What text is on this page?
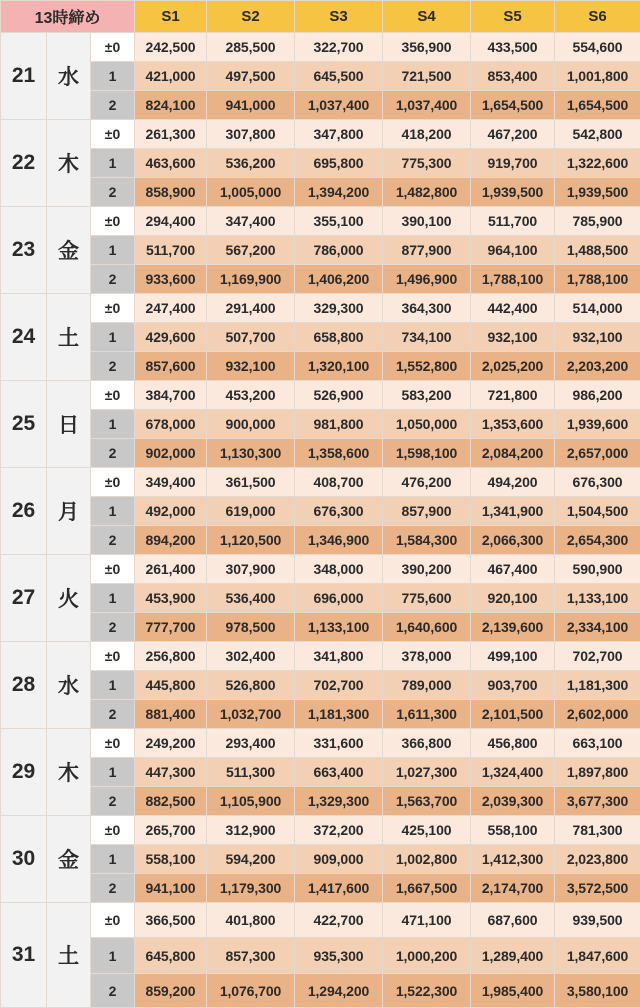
13時締め			S1	S2	S3	S4	S5	S6
21	水	±0	242,500	285,500	322,700	356,900	433,500	554,600
		1	421,000	497,500	645,500	721,500	853,400	1,001,800
		2	824,100	941,000	1,037,400	1,037,400	1,654,500	1,654,500
22	木	±0	261,300	307,800	347,800	418,200	467,200	542,800
		1	463,600	536,200	695,800	775,300	919,700	1,322,600
		2	858,900	1,005,000	1,394,200	1,482,800	1,939,500	1,939,500
23	金	±0	294,400	347,400	355,100	390,100	511,700	785,900
		1	511,700	567,200	786,000	877,900	964,100	1,488,500
		2	933,600	1,169,900	1,406,200	1,496,900	1,788,100	1,788,100
24	土	±0	247,400	291,400	329,300	364,300	442,400	514,000
		1	429,600	507,700	658,800	734,100	932,100	932,100
		2	857,600	932,100	1,320,100	1,552,800	2,025,200	2,203,200
25	日	±0	384,700	453,200	526,900	583,200	721,800	986,200
		1	678,000	900,000	981,800	1,050,000	1,353,600	1,939,600
		2	902,000	1,130,300	1,358,600	1,598,100	2,084,200	2,657,000
26	月	±0	349,400	361,500	408,700	476,200	494,200	676,300
		1	492,000	619,000	676,300	857,900	1,341,900	1,504,500
		2	894,200	1,120,500	1,346,900	1,584,300	2,066,300	2,654,300
27	火	±0	261,400	307,900	348,000	390,200	467,400	590,900
		1	453,900	536,400	696,000	775,600	920,100	1,133,100
		2	777,700	978,500	1,133,100	1,640,600	2,139,600	2,334,100
28	水	±0	256,800	302,400	341,800	378,000	499,100	702,700
		1	445,800	526,800	702,700	789,000	903,700	1,181,300
		2	881,400	1,032,700	1,181,300	1,611,300	2,101,500	2,602,000
29	木	±0	249,200	293,400	331,600	366,800	456,800	663,100
		1	447,300	511,300	663,400	1,027,300	1,324,400	1,897,800
		2	882,500	1,105,900	1,329,300	1,563,700	2,039,300	3,677,300
30	金	±0	265,700	312,900	372,200	425,100	558,100	781,300
		1	558,100	594,200	909,000	1,002,800	1,412,300	2,023,800
		2	941,100	1,179,300	1,417,600	1,667,500	2,174,700	3,572,500
31	土	±0	366,500	401,800	422,700	471,100	687,600	939,500
		1	645,800	857,300	935,300	1,000,200	1,289,400	1,847,600
		2	859,200	1,076,700	1,294,200	1,522,300	1,985,400	3,580,100
